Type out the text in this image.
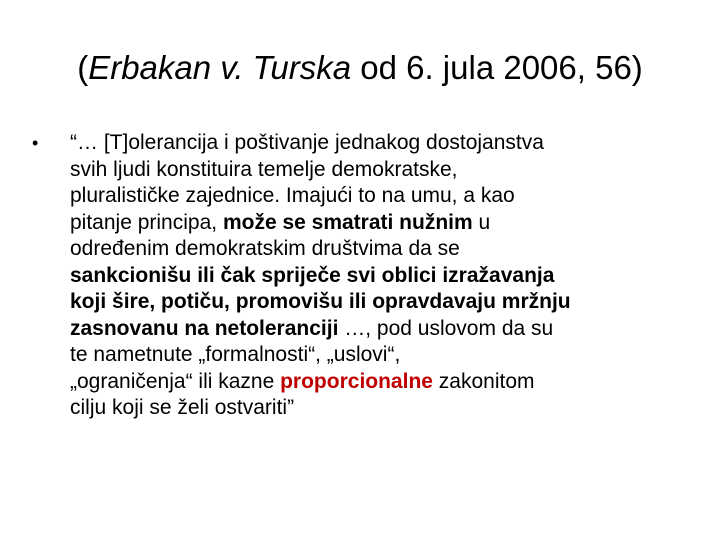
(Erbakan v. Turska od 6. jula 2006, 56)
•	“… [T]olerancija i poštivanje jednakog dostojanstva
svih ljudi konstituira temelje demokratske,
pluralističke zajednice. Imajući to na umu, a kao
pitanje principa, može se smatrati nužnim u
određenim demokratskim društvima da se
sankcionišu ili čak spriječe svi oblici izražavanja
koji šire, potiču, promovišu ili opravdavaju mržnju
zasnovanu na netoleranciji …, pod uslovom da su
te nametnute „formalnosti“, „uslovi“,
„ograničenja“ ili kazne proporcionalne zakonitom
cilju koji se želi ostvariti”
